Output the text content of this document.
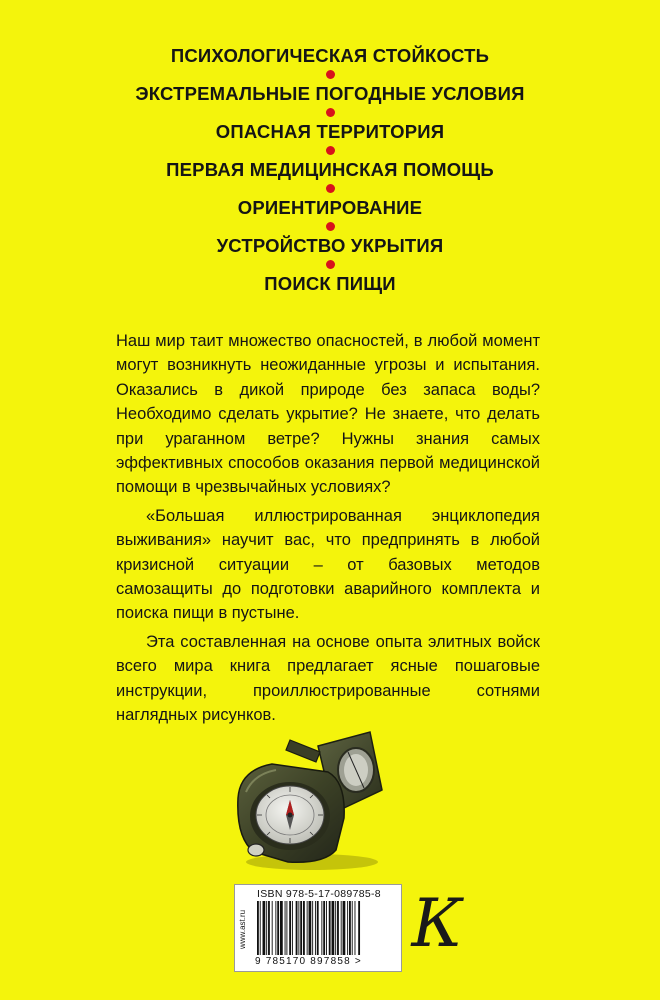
ПСИХОЛОГИЧЕСКАЯ СТОЙКОСТЬ
ЭКСТРЕМАЛЬНЫЕ ПОГОДНЫЕ УСЛОВИЯ
ОПАСНАЯ ТЕРРИТОРИЯ
ПЕРВАЯ МЕДИЦИНСКАЯ ПОМОЩЬ
ОРИЕНТИРОВАНИЕ
УСТРОЙСТВО УКРЫТИЯ
ПОИСК ПИЩИ

Наш мир таит множество опасностей, в любой момент могут возникнуть неожиданные угрозы и испытания. Оказались в дикой природе без запаса воды? Необходимо сделать укрытие? Не знаете, что делать при ураганном ветре? Нужны знания самых эффективных способов оказания первой медицинской помощи в чрезвычайных условиях?

«Большая иллюстрированная энциклопедия выживания» научит вас, что предпринять в любой кризисной ситуации – от базовых методов самозащиты до подготовки аварийного комплекта и поиска пищи в пустыне.

Эта составленная на основе опыта элитных войск всего мира книга предлагает ясные пошаговые инструкции, проиллюстрированные сотнями наглядных рисунков.

www.ast.ru
ISBN 978-5-17-089785-8
9 785170 897858 > К
